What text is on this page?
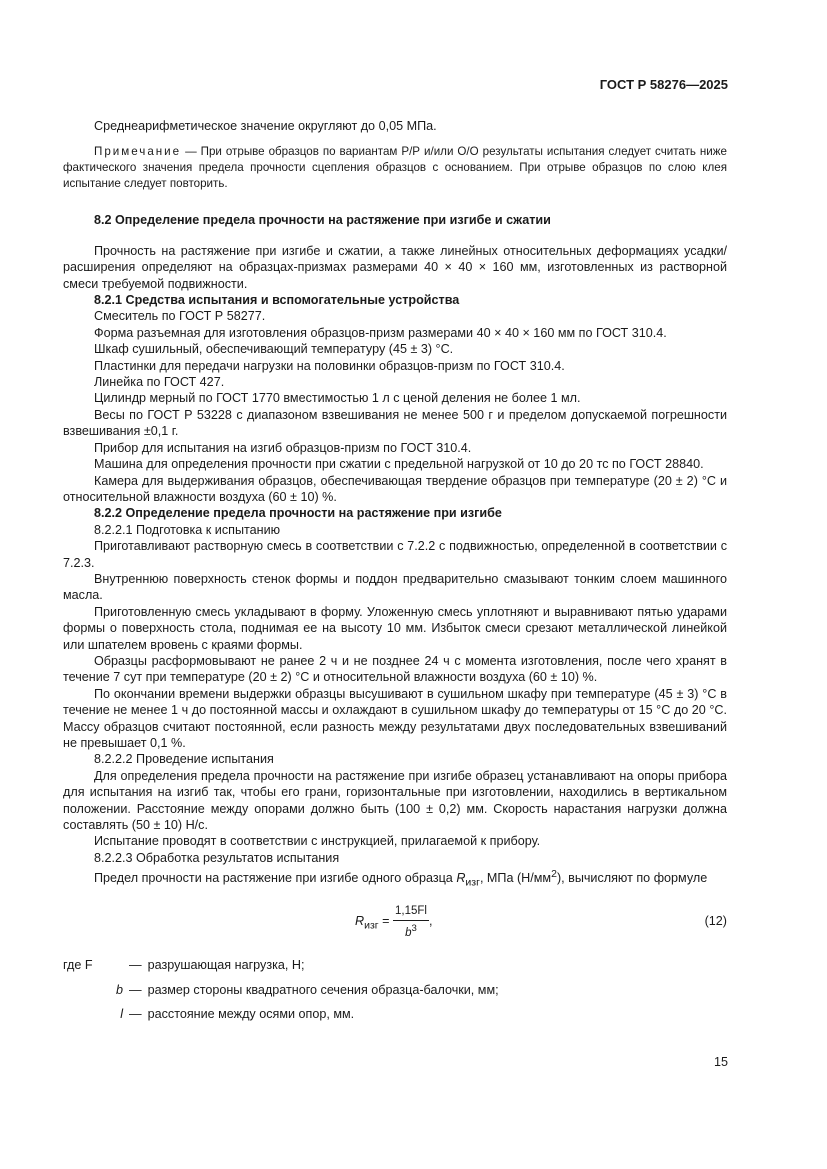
ГОСТ Р 58276—2025

Среднеарифметическое значение округляют до 0,05 МПа.

Примечание — При отрыве образцов по вариантам Р/Р и/или О/О результаты испытания следует считать ниже фактического значения предела прочности сцепления образцов с основанием. При отрыве образцов по слою клея испытание следует повторить.

8.2 Определение предела прочности на растяжение при изгибе и сжатии

Прочность на растяжение при изгибе и сжатии, а также линейных относительных деформациях усадки/расширения определяют на образцах-призмах размерами 40 × 40 × 160 мм, изготовленных из растворной смеси требуемой подвижности.

8.2.1 Средства испытания и вспомогательные устройства

Смеситель по ГОСТ Р 58277.

Форма разъемная для изготовления образцов-призм размерами 40 × 40 × 160 мм по ГОСТ 310.4.

Шкаф сушильный, обеспечивающий температуру (45 ± 3) °С.

Пластинки для передачи нагрузки на половинки образцов-призм по ГОСТ 310.4.

Линейка по ГОСТ 427.

Цилиндр мерный по ГОСТ 1770 вместимостью 1 л с ценой деления не более 1 мл.

Весы по ГОСТ Р 53228 с диапазоном взвешивания не менее 500 г и пределом допускаемой погрешности взвешивания ±0,1 г.

Прибор для испытания на изгиб образцов-призм по ГОСТ 310.4.

Машина для определения прочности при сжатии с предельной нагрузкой от 10 до 20 тс по ГОСТ 28840.

Камера для выдерживания образцов, обеспечивающая твердение образцов при температуре (20 ± 2) °С и относительной влажности воздуха (60 ± 10) %.

8.2.2 Определение предела прочности на растяжение при изгибе

8.2.2.1 Подготовка к испытанию

Приготавливают растворную смесь в соответствии с 7.2.2 с подвижностью, определенной в соответствии с 7.2.3.

Внутреннюю поверхность стенок формы и поддон предварительно смазывают тонким слоем машинного масла.

Приготовленную смесь укладывают в форму. Уложенную смесь уплотняют и выравнивают пятью ударами формы о поверхность стола, поднимая ее на высоту 10 мм. Избыток смеси срезают металлической линейкой или шпателем вровень с краями формы.

Образцы расформовывают не ранее 2 ч и не позднее 24 ч с момента изготовления, после чего хранят в течение 7 сут при температуре (20 ± 2) °С и относительной влажности воздуха (60 ± 10) %.

По окончании времени выдержки образцы высушивают в сушильном шкафу при температуре (45 ± 3) °С в течение не менее 1 ч до постоянной массы и охлаждают в сушильном шкафу до температуры от 15 °С до 20 °С. Массу образцов считают постоянной, если разность между результатами двух последовательных взвешиваний не превышает 0,1 %.

8.2.2.2 Проведение испытания

Для определения предела прочности на растяжение при изгибе образец устанавливают на опоры прибора для испытания на изгиб так, чтобы его грани, горизонтальные при изготовлении, находились в вертикальном положении. Расстояние между опорами должно быть (100 ± 0,2) мм. Скорость нарастания нагрузки должна составлять (50 ± 10) Н/с.

Испытание проводят в соответствии с инструкцией, прилагаемой к прибору.

8.2.2.3 Обработка результатов испытания

Предел прочности на растяжение при изгибе одного образца $R_{изг}$, МПа $(Н/мм^2)$, вычисляют по формуле

$R_{изг} = \frac{1,15Fl}{b^3}$ ,	(12)
где F	— разрушающая нагрузка, Н;
b — размер стороны квадратного сечения образца-балочки, мм;
l — расстояние между осями опор, мм.
15
